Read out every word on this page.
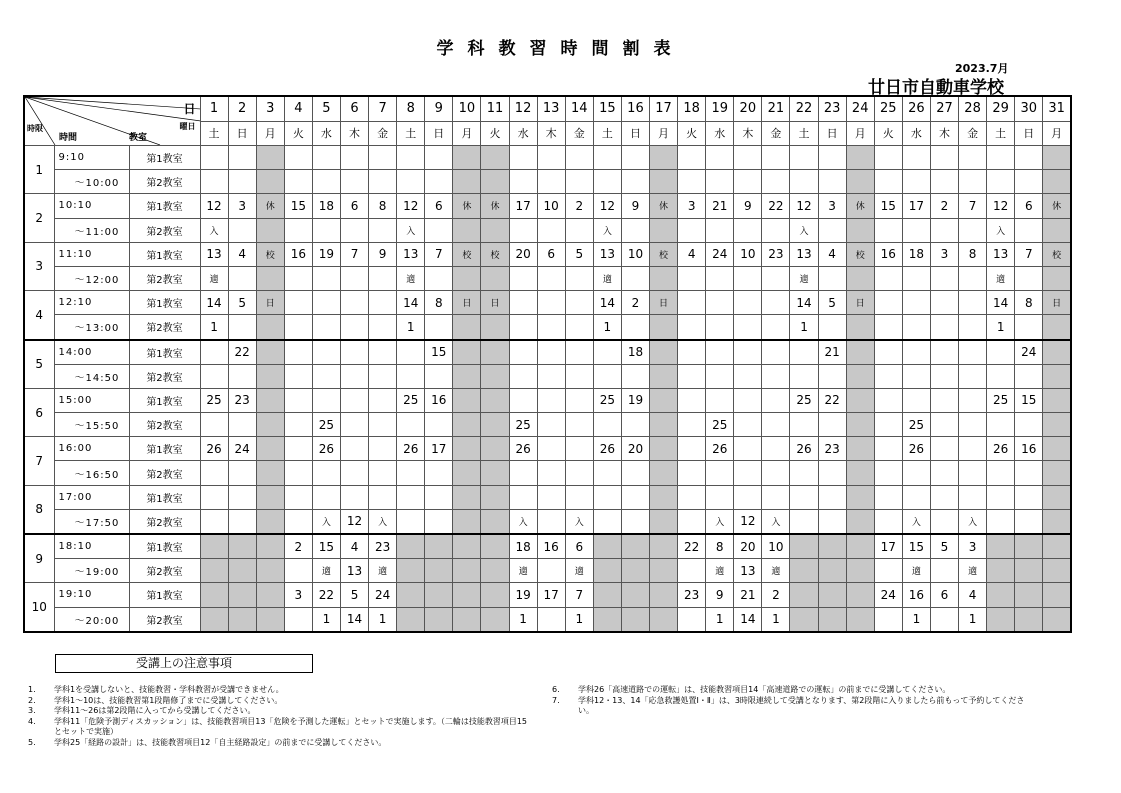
学科教習時間割表
2023.7月
廿日市自動車学校
日
曜日
時限
時間 教室			1	2	3	4	5	6	7	8	9	10	11	12	13	14	15	16	17	18	19	20	21	22	23	24	25	26	27	28	29	30	31
			土	日	月	火	水	木	金	土	日	月	火	水	木	金	土	日	月	火	水	木	金	土	日	月	火	水	木	金	土	日	月
1	9:10	第1教室																															
	～10:00	第2教室																															
2	10:10	第1教室	12	3	休	15	18	6	8	12	6	休	休	17	10	2	12	9	休	3	21	9	22	12	3	休	15	17	2	7	12	6	休
	～11:00	第2教室	入							入							入							入							入		
3	11:10	第1教室	13	4	校	16	19	7	9	13	7	校	校	20	6	5	13	10	校	4	24	10	23	13	4	校	16	18	3	8	13	7	校
	～12:00	第2教室	適							適							適							適							適		
4	12:10	第1教室	14	5	日					14	8	日	日				14	2	日					14	5	日					14	8	日
	～13:00	第2教室	1							1							1							1							1		
5	14:00	第1教室		22							15							18							21							24	
	～14:50	第2教室																															
6	15:00	第1教室	25	23						25	16						25	19						25	22						25	15	
	～15:50	第2教室					25							25							25							25					
7	16:00	第1教室	26	24			26			26	17			26			26	20			26			26	23			26			26	16	
	～16:50	第2教室																															
8	17:00	第1教室																															
	～17:50	第2教室					入	12	入					入		入					入	12	入					入		入			
9	18:10	第1教室				2	15	4	23					18	16	6				22	8	20	10				17	15	5	3			
	～19:00	第2教室					適	13	適					適		適					適	13	適					適		適			
10	19:10	第1教室				3	22	5	24					19	17	7				23	9	21	2				24	16	6	4			
	～20:00	第2教室					1	14	1					1		1					1	14	1					1		1			
受講上の注意事項
1.	学科1を受講しないと、技能教習・学科教習が受講できません。
2.	学科1～10は、技能教習第1段階修了までに受講してください。
3.	学科11～26は第2段階に入ってから受講してください。
4.	学科11「危険予測ディスカッション」は、技能教習項目13「危険を予測した運転」とセットで実施します。（二輪は技能教習項目15とセットで実施）
5.	学科25「経路の設計」は、技能教習項目12「自主経路設定」の前までに受講してください。
6.	学科26「高速道路での運転」は、技能教習項目14「高速道路での運転」の前までに受講してください。
7.	学科12・13、14「応急救護処置Ⅰ・Ⅱ」は、3時限連続して受講となります、第2段階に入りましたら前もって予約してください。
